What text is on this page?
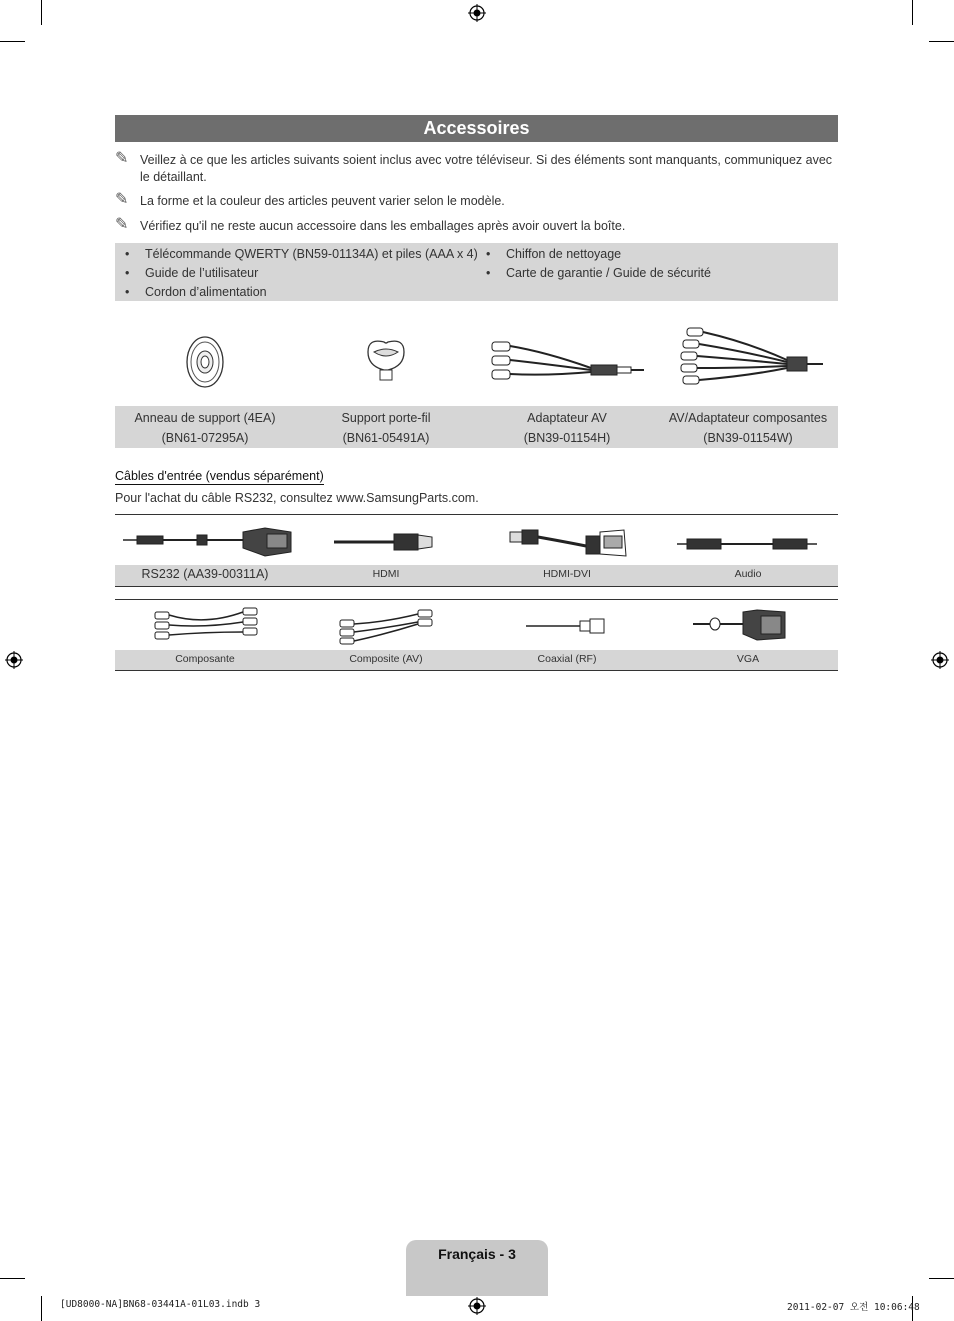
Accessoires
✎ Veillez à ce que les articles suivants soient inclus avec votre téléviseur. Si des éléments sont manquants, communiquez avec le détaillant.
✎ La forme et la couleur des articles peuvent varier selon le modèle.
✎ Vérifiez qu'il ne reste aucun accessoire dans les emballages après avoir ouvert la boîte.
• Télécommande QWERTY (BN59-01134A) et piles (AAA x 4)
• Guide de l’utilisateur
• Cordon d’alimentation
• Chiffon de nettoyage
• Carte de garantie / Guide de sécurité
Anneau de support (4EA)
(BN61-07295A)
Support porte-fil
(BN61-05491A)
Adaptateur AV
(BN39-01154H)
AV/Adaptateur composantes
(BN39-01154W)
Câbles d'entrée (vendus séparément)
Pour l'achat du câble RS232, consultez www.SamsungParts.com.
RS232 (AA39-00311A)	HDMI	HDMI-DVI	Audio
Composante	Composite (AV)	Coaxial (RF)	VGA
Français - 3
[UD8000-NA]BN68-03441A-01L03.indb 3	2011-02-07 오전 10:06:48
